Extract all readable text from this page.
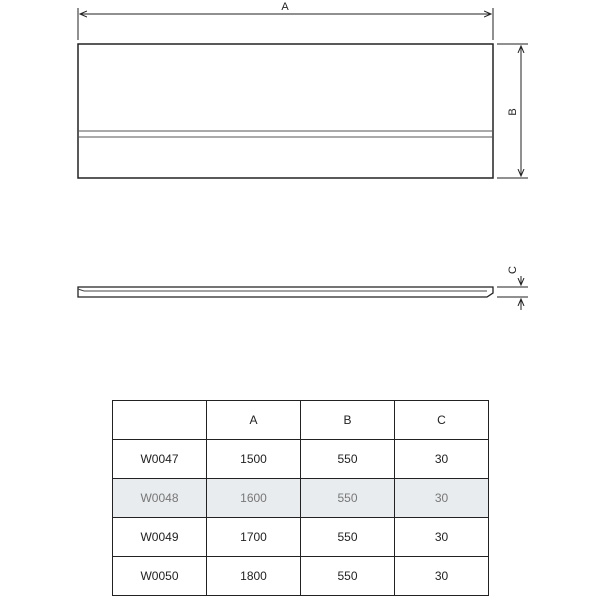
A
B
C
	A	B	C
W0047	1500	550	30
W0048	1600	550	30
W0049	1700	550	30
W0050	1800	550	30
